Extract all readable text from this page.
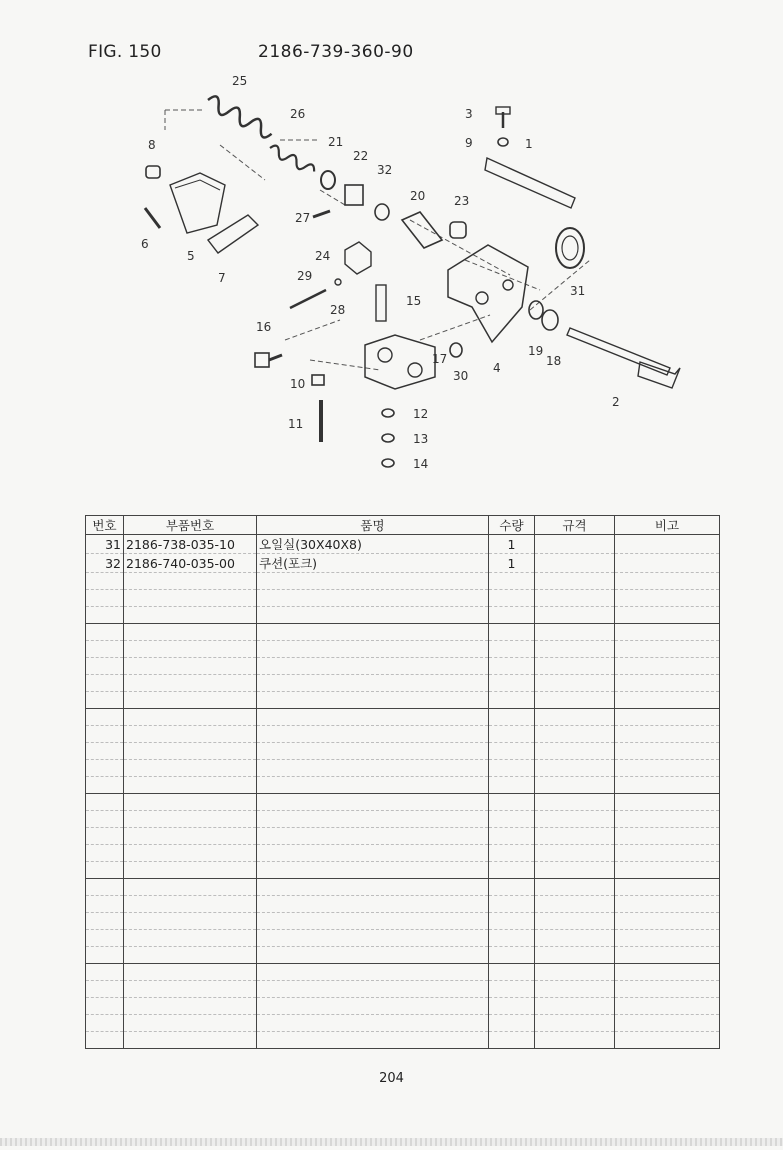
FIG. 150	2186-739-360-90
25
26
21
22
32
8
20 23
3
9	1
27
6
5
7
24
29
28
15
31
16
19
18
4
30
17
10
12
11
13
14
2
번호	부품번호	품명	수량	규격	비고
31	2186-738-035-10	오일실(30X40X8)	1		
32	2186-740-035-00	쿠션(포크)	1		

204
